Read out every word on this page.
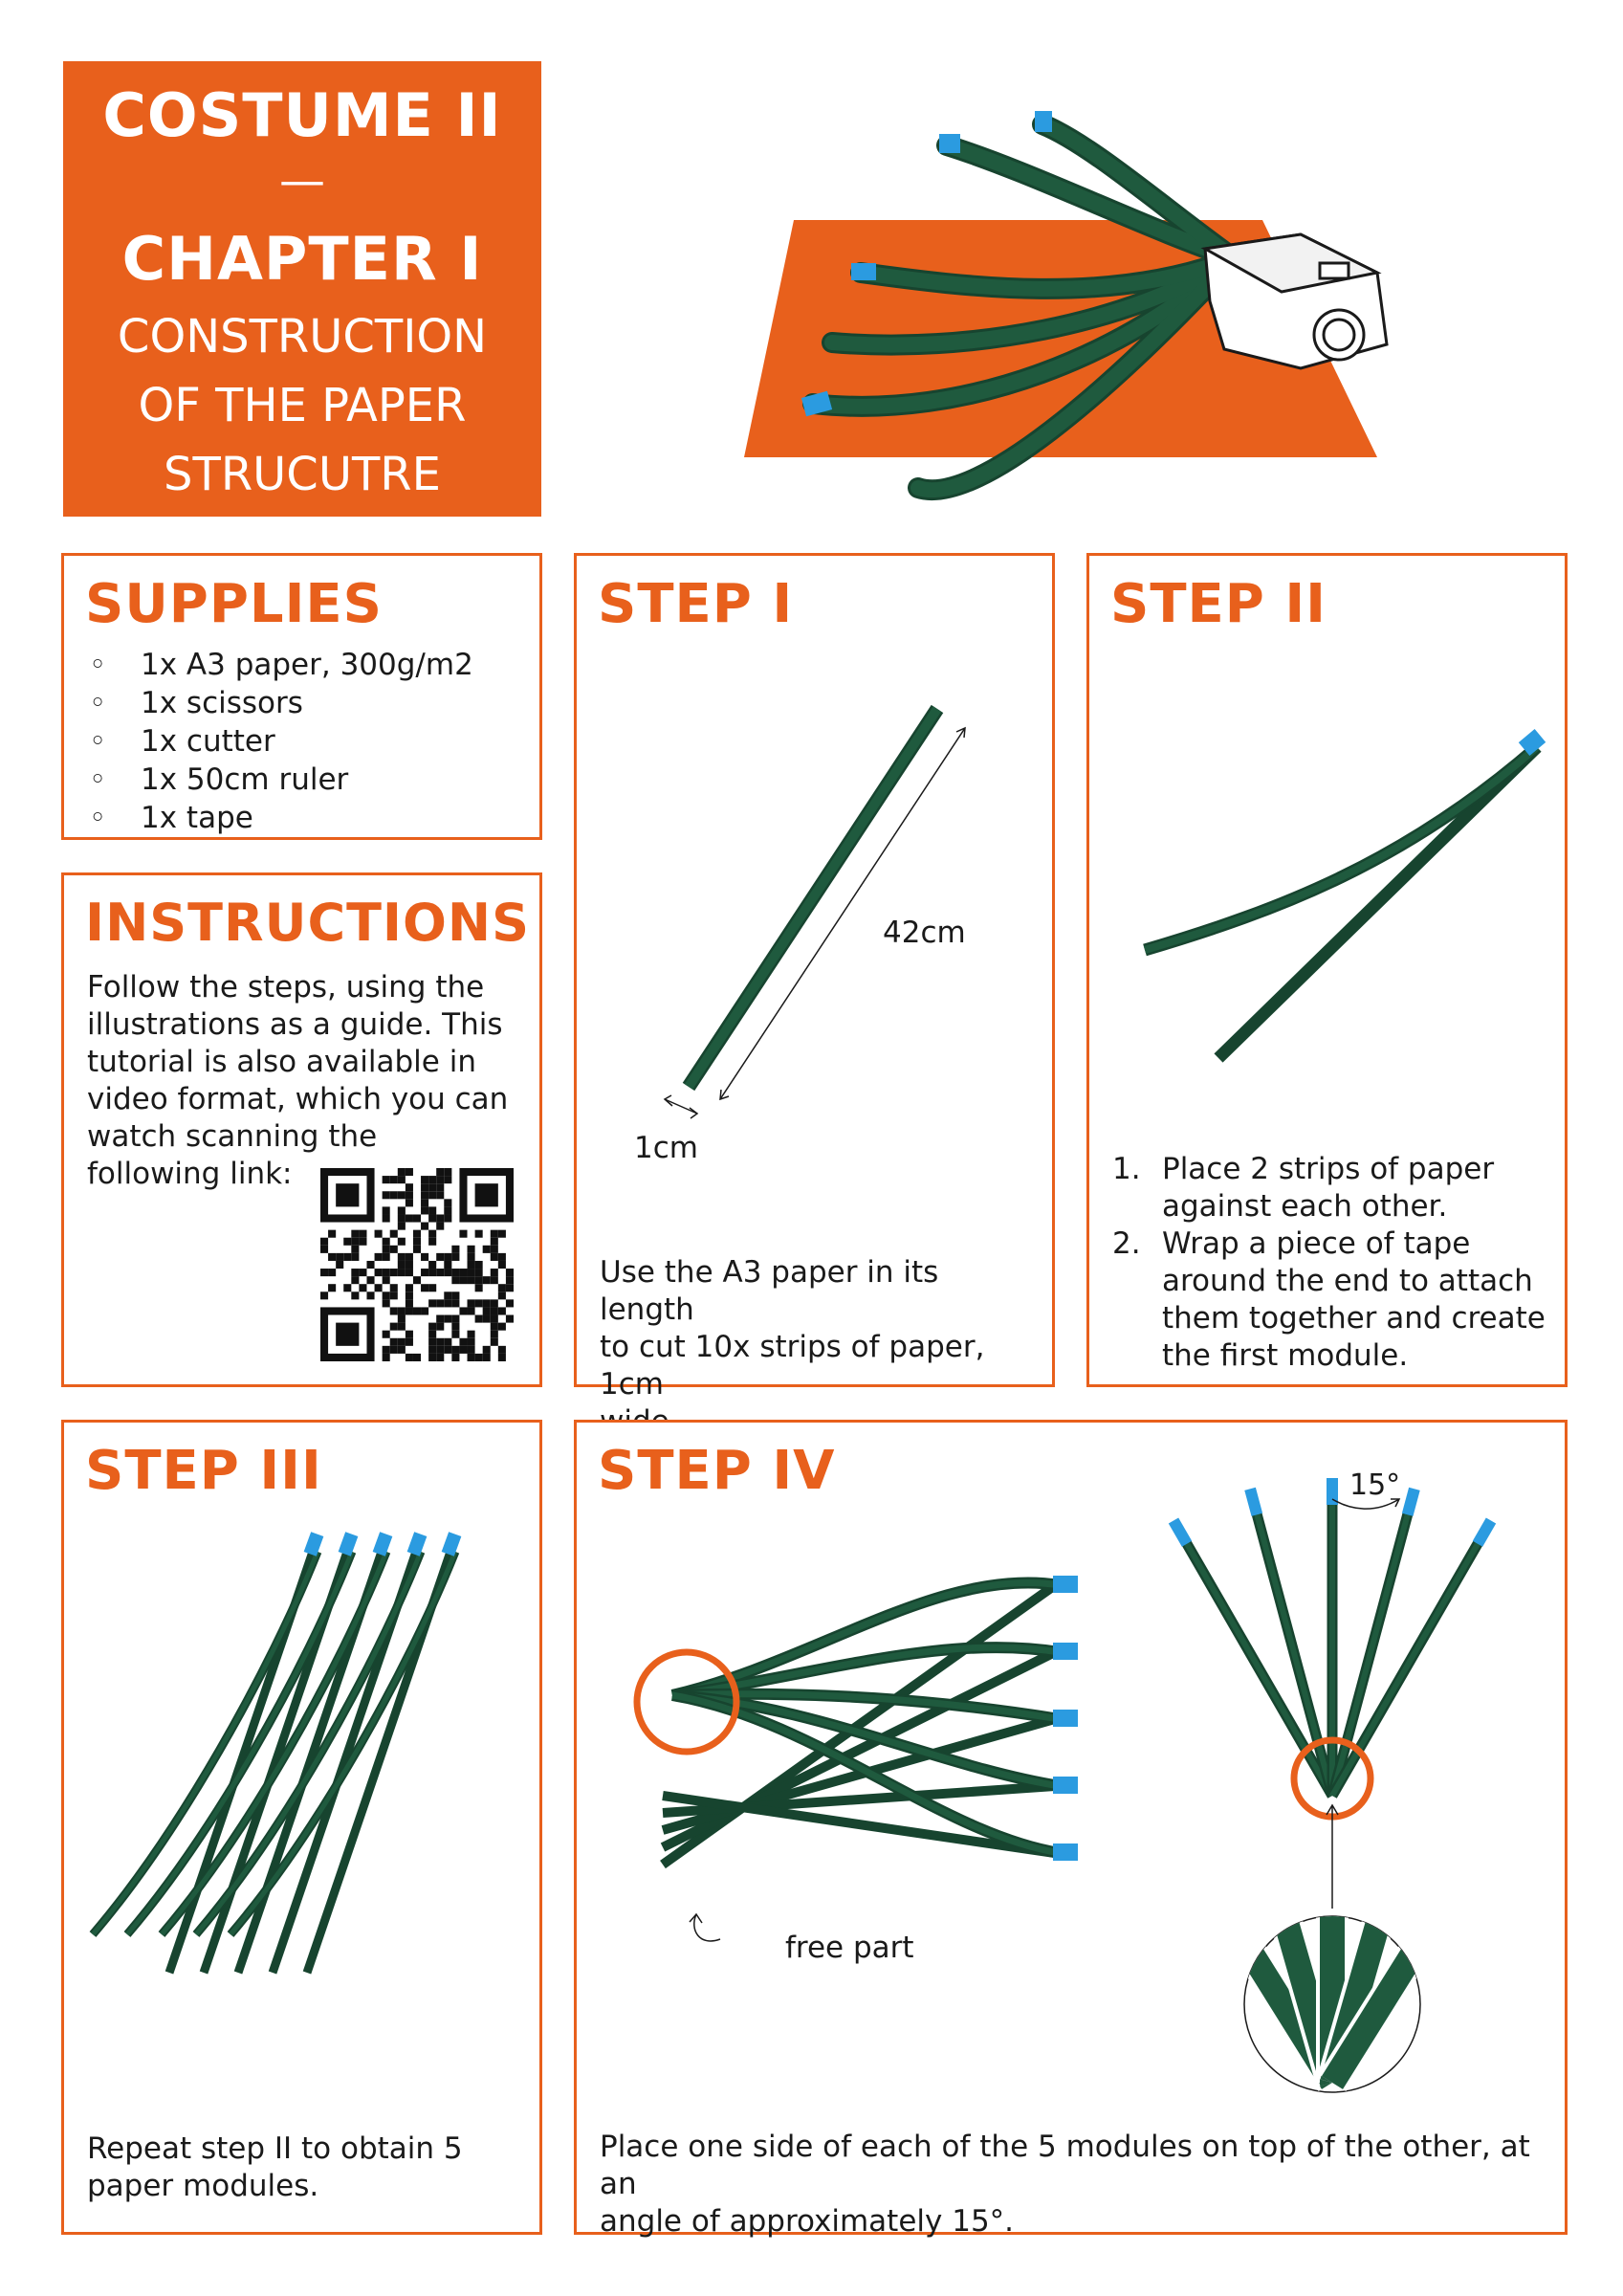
COSTUME II
—
CHAPTER I
CONSTRUCTION
OF THE PAPER
STRUCUTRE
SUPPLIES
◦ 1x A3 paper, 300g/m2
◦ 1x scissors
◦ 1x cutter
◦ 1x 50cm ruler
◦ 1x tape
INSTRUCTIONS
Follow the steps, using the
illustrations as a guide. This
tutorial is also available in
video format, which you can
watch scanning the
following link:
STEP I
42cm
1cm
Use the A3 paper in its length
to cut 10x strips of paper, 1cm
STEP II
1. Place 2 strips of paper
against each other.
2. Wrap a piece of tape
around the end to attach
them together and create
the first module.
STEP III
Repeat step II to obtain 5
paper modules.
STEP IV	15°
free part
Place one side of each of the 5 modules on top of the other, at an
angle of approximately 15°.
